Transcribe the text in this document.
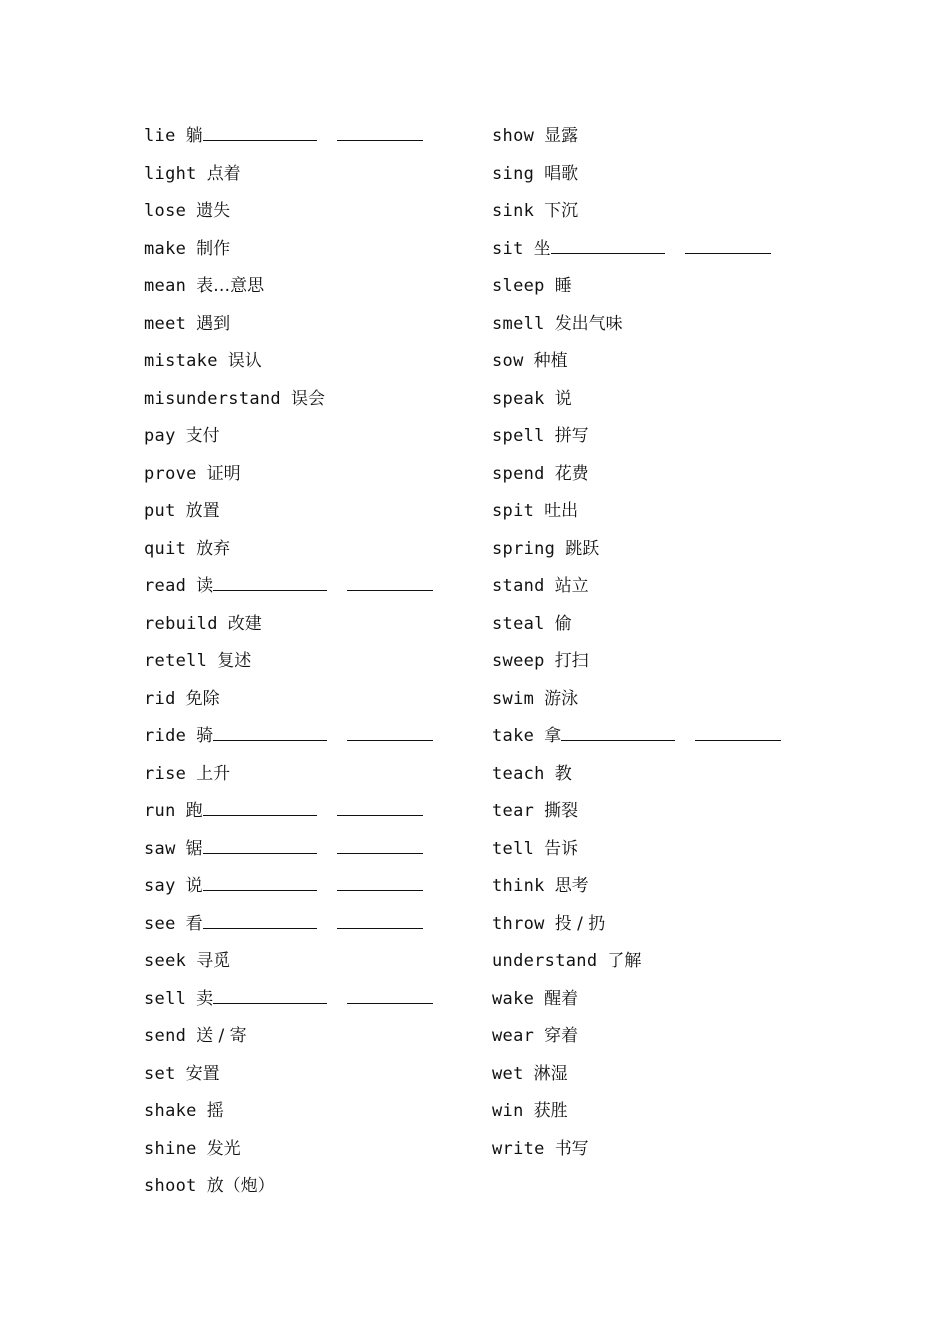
lie 躺
light 点着
lose 遗失
make 制作
mean 表…意思
meet 遇到
mistake 误认
misunderstand 误会
pay 支付
prove 证明
put 放置
quit 放弃
read 读
rebuild 改建
retell 复述
rid 免除
ride 骑
rise 上升
run 跑
saw 锯
say 说
see 看
seek 寻觅
sell 卖
send 送 / 寄
set 安置
shake 摇
shine 发光
shoot 放（炮）
show 显露
sing 唱歌
sink 下沉
sit 坐
sleep 睡
smell 发出气味
sow 种植
speak 说
spell 拼写
spend 花费
spit 吐出
spring 跳跃
stand 站立
steal 偷
sweep 打扫
swim 游泳
take 拿
teach 教
tear 撕裂
tell 告诉
think 思考
throw 投 / 扔
understand 了解
wake 醒着
wear 穿着
wet 淋湿
win 获胜
write 书写
